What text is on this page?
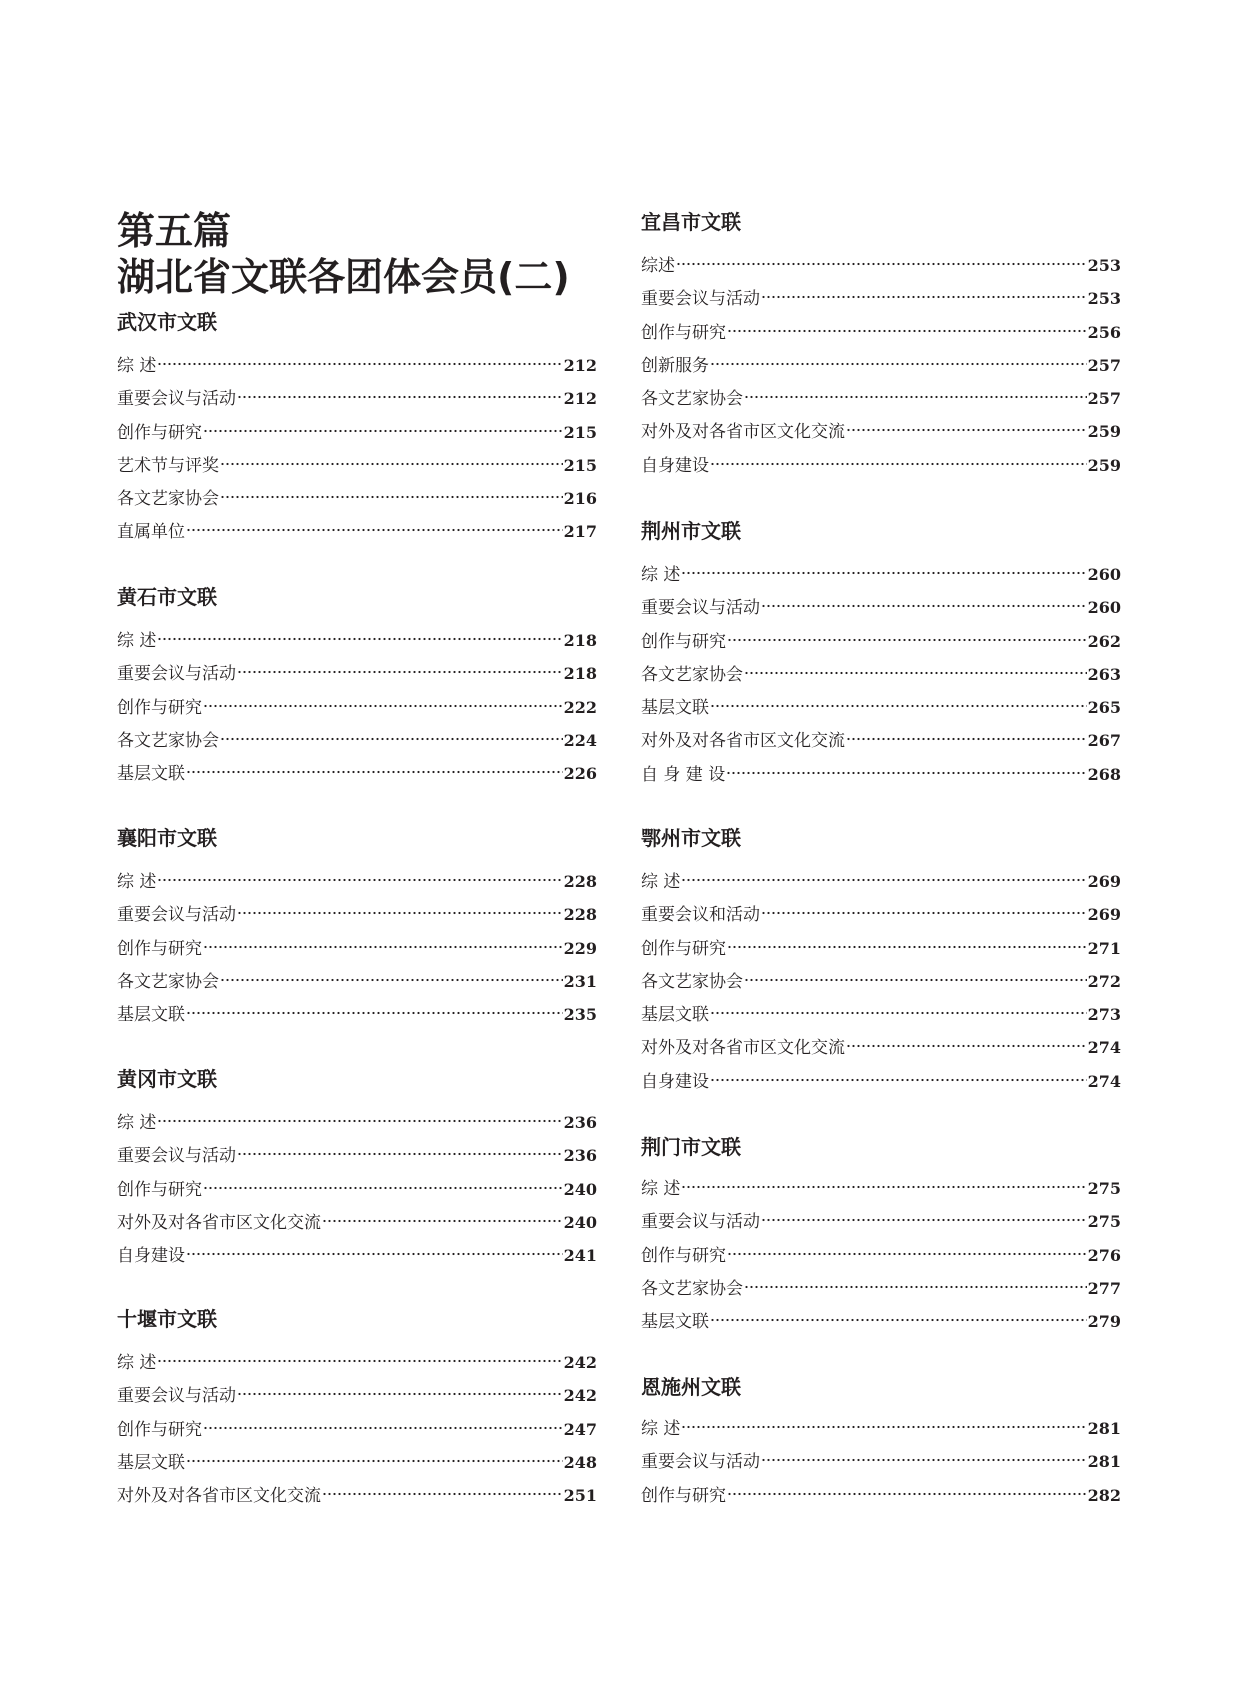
第五篇
湖北省文联各团体会员(二)
武汉市文联
综 述	212
重要会议与活动	212
创作与研究	215
艺术节与评奖	215
各文艺家协会	216
直属单位	217
黄石市文联
综 述	218
重要会议与活动	218
创作与研究	222
各文艺家协会	224
基层文联	226
襄阳市文联
综 述	228
重要会议与活动	228
创作与研究	229
各文艺家协会	231
基层文联	235
黄冈市文联
综 述	236
重要会议与活动	236
创作与研究	240
对外及对各省市区文化交流	240
自身建设	241
十堰市文联
综 述	242
重要会议与活动	242
创作与研究	247
基层文联	248
对外及对各省市区文化交流	251
宜昌市文联
综述	253
重要会议与活动	253
创作与研究	256
创新服务	257
各文艺家协会	257
对外及对各省市区文化交流	259
自身建设	259
荆州市文联
综 述	260
重要会议与活动	260
创作与研究	262
各文艺家协会	263
基层文联	265
对外及对各省市区文化交流	267
自 身 建 设	268
鄂州市文联
综 述	269
重要会议和活动	269
创作与研究	271
各文艺家协会	272
基层文联	273
对外及对各省市区文化交流	274
自身建设	274
荆门市文联
综 述	275
重要会议与活动	275
创作与研究	276
各文艺家协会	277
基层文联	279
恩施州文联
综 述	281
重要会议与活动	281
创作与研究	282
